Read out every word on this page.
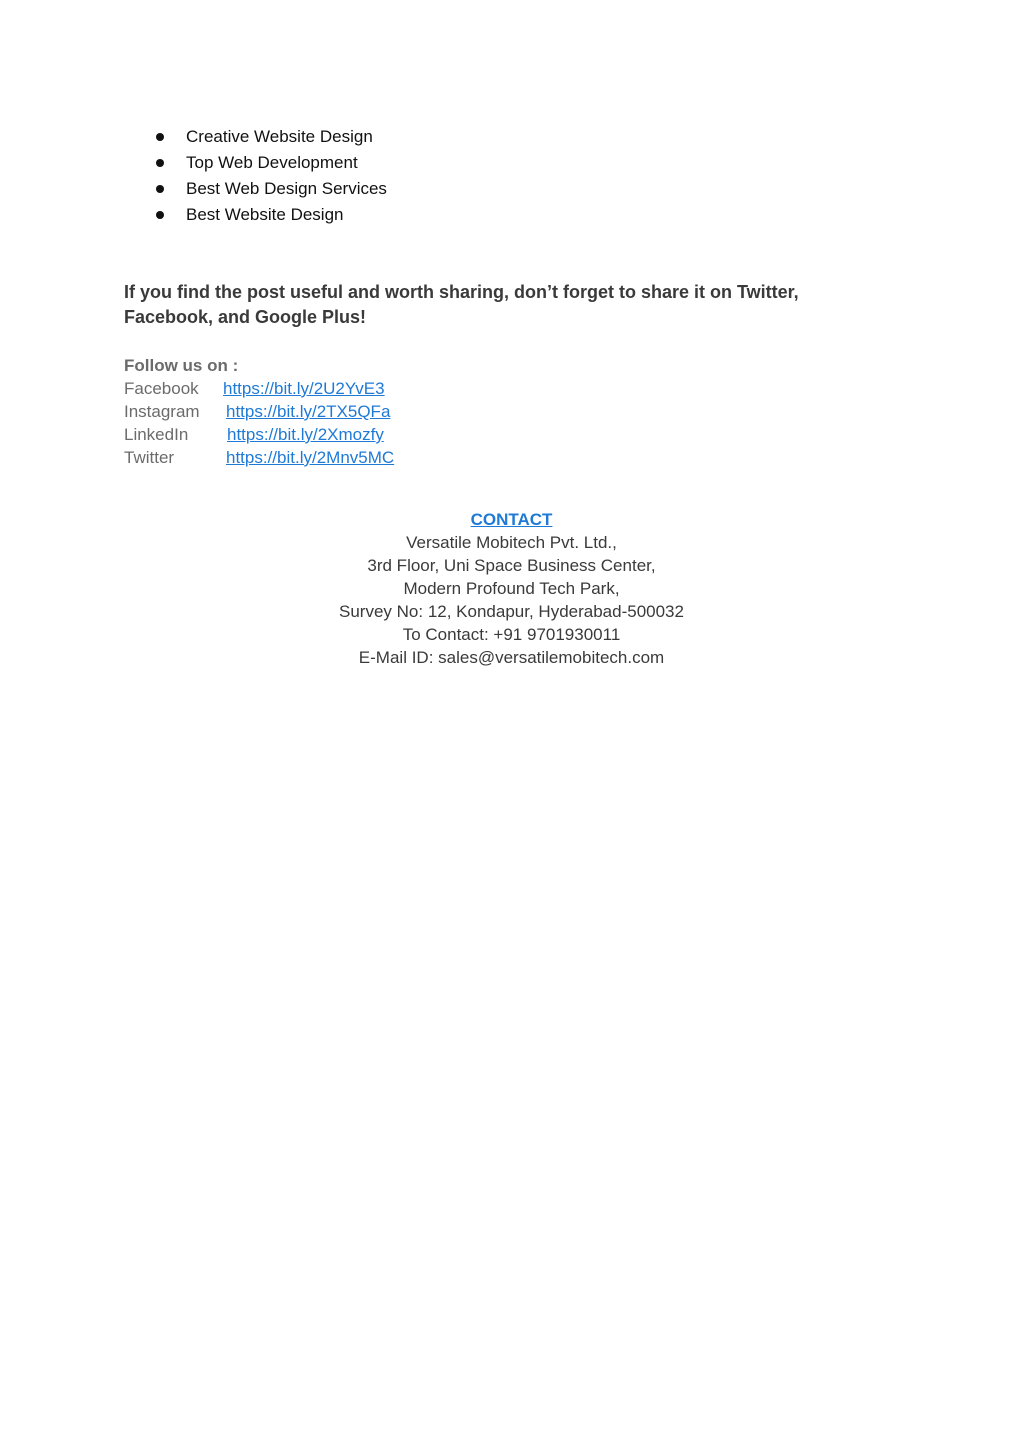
Creative Website Design
Top Web Development
Best Web Design Services
Best Website Design
If you find the post useful and worth sharing, don’t forget to share it on Twitter, Facebook, and Google Plus!
Follow us on :
Facebook https://bit.ly/2U2YvE3
Instagram https://bit.ly/2TX5QFa
LinkedIn https://bit.ly/2Xmozfy
Twitter	https://bit.ly/2Mnv5MC
CONTACT
Versatile Mobitech Pvt. Ltd.,
3rd Floor, Uni Space Business Center,
Modern Profound Tech Park,
Survey No: 12, Kondapur, Hyderabad-500032
To Contact: +91 9701930011
E-Mail ID: sales@versatilemobitech.com
